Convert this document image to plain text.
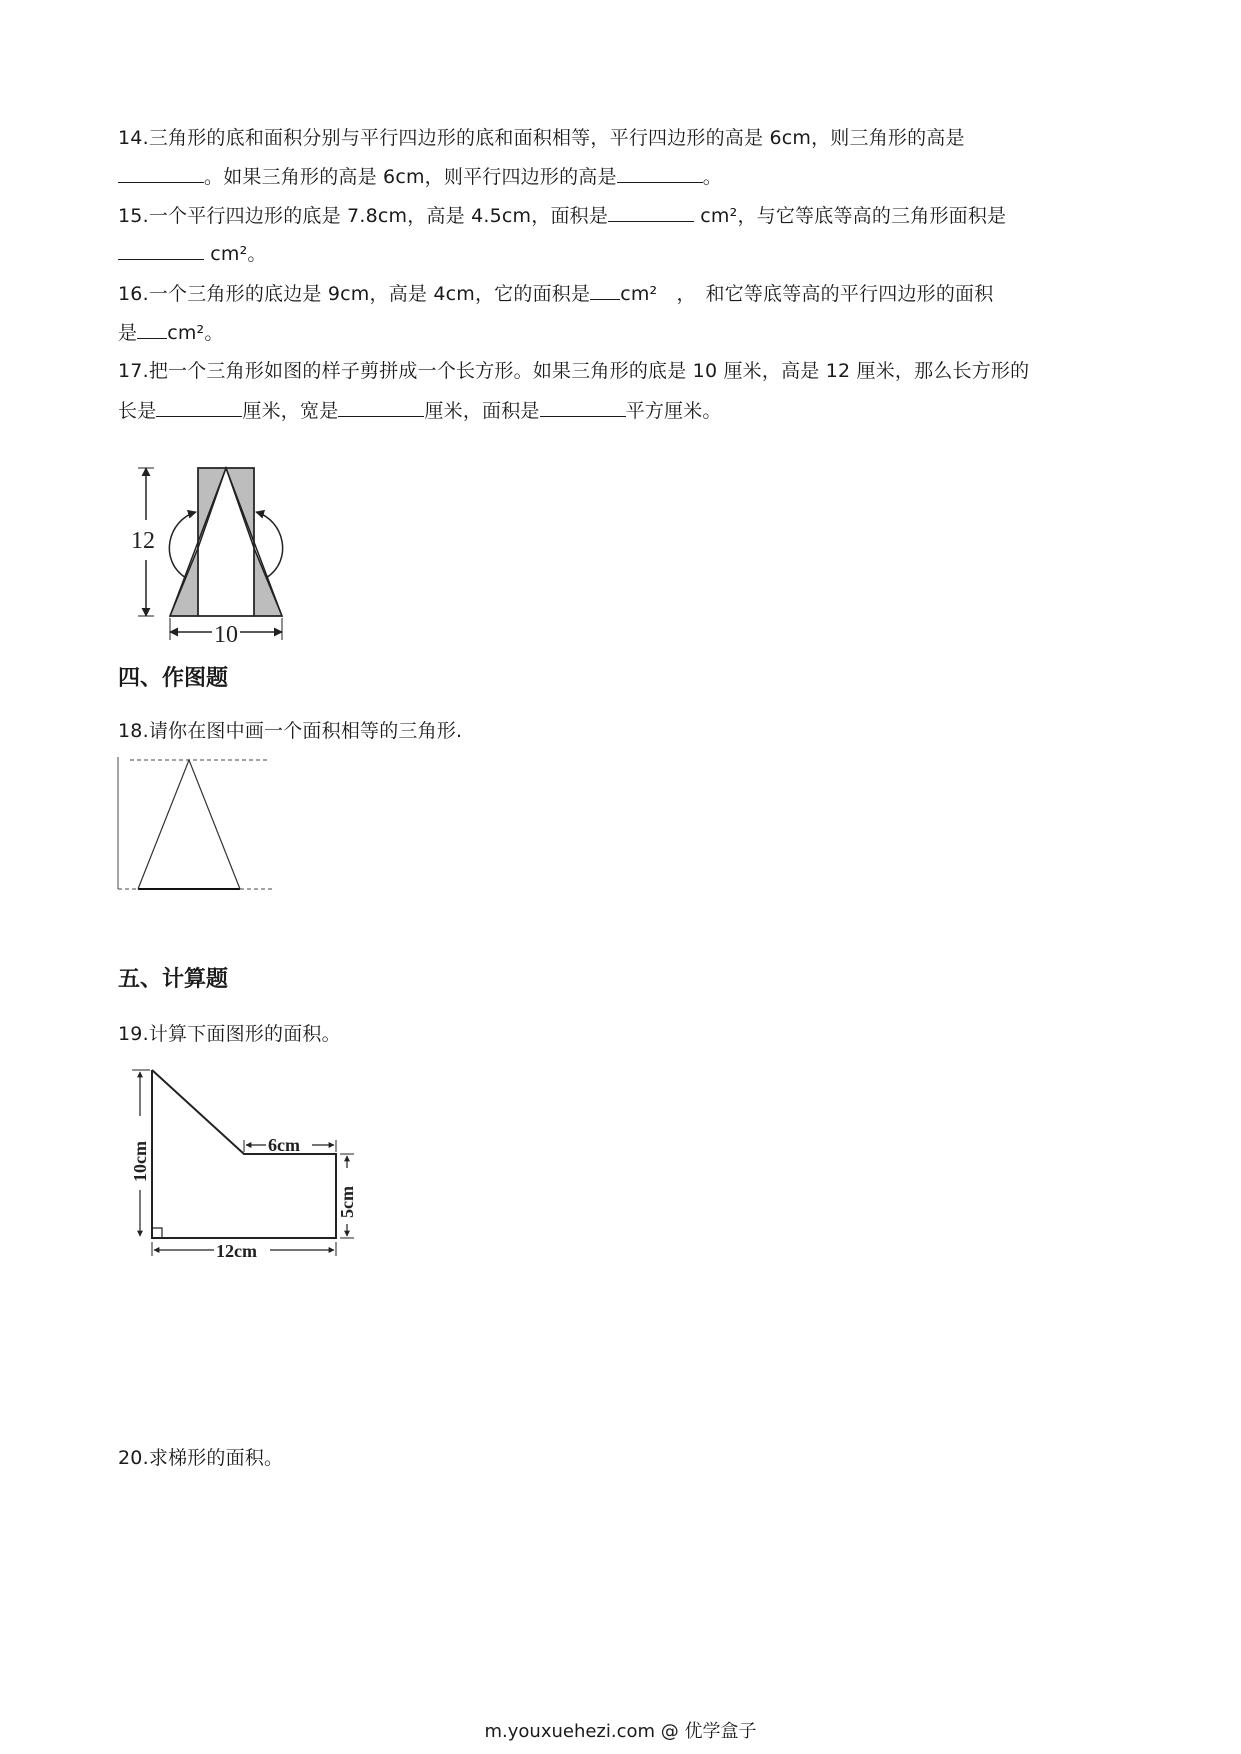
14.三角形的底和面积分别与平行四边形的底和面积相等，平行四边形的高是 6cm，则三角形的高是
。如果三角形的高是 6cm，则平行四边形的高是	。
15.一个平行四边形的底是 7.8cm，高是 4.5cm，面积是	cm²，与它等底等高的三角形面积是
cm²。
16.一个三角形的底边是 9cm，高是 4cm，它的面积是 cm²　，　和它等底等高的平行四边形的面积
是 cm²。
17.把一个三角形如图的样子剪拼成一个长方形。如果三角形的底是 10 厘米，高是 12 厘米，那么长方形的
长是	厘米，宽是	厘米，面积是	平方厘米。
12
10
四、作图题
18.请你在图中画一个面积相等的三角形.
五、计算题
19.计算下面图形的面积。
10cm	6cm
5cm
12cm
20.求梯形的面积。
m.youxuehezi.com @ 优学盒子
